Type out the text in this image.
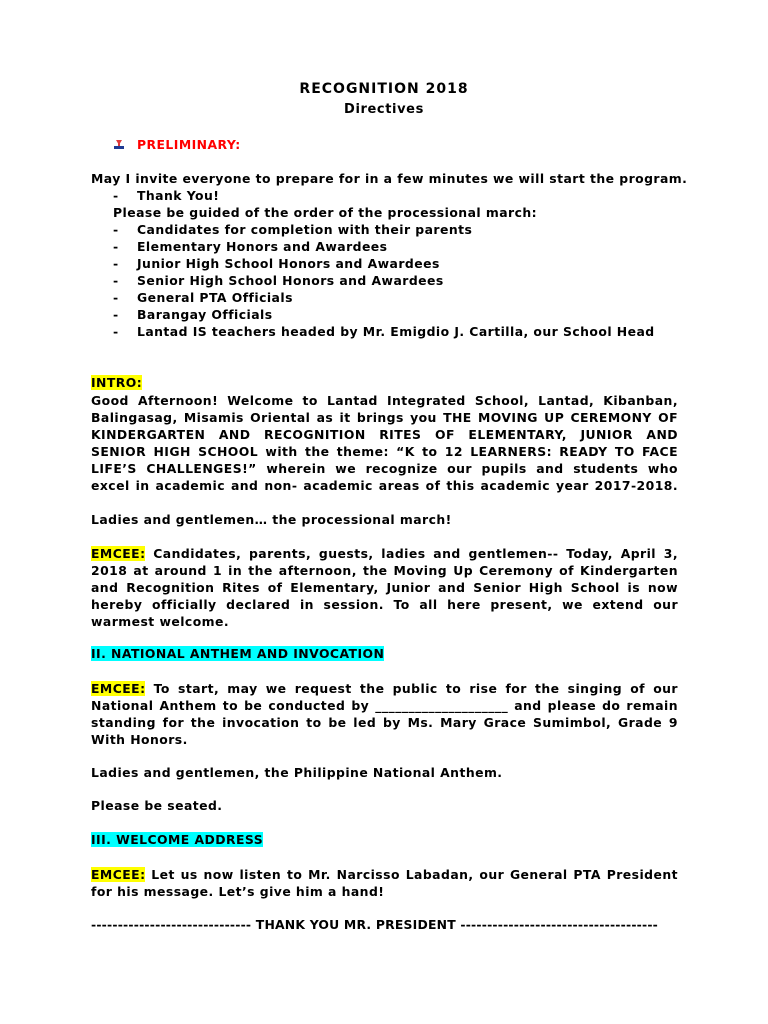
RECOGNITION 2018
Directives
PRELIMINARY:
May I invite everyone to prepare for in a few minutes we will start the program.
- Thank You!
Please be guided of the order of the processional march:
- Candidates for completion with their parents
- Elementary Honors and Awardees
- Junior High School Honors and Awardees
- Senior High School Honors and Awardees
- General PTA Officials
- Barangay Officials
- Lantad IS teachers headed by Mr. Emigdio J. Cartilla, our School Head
INTRO:
Good Afternoon! Welcome to Lantad Integrated School, Lantad, Kibanban,
Balingasag, Misamis Oriental as it brings you THE MOVING UP CEREMONY OF
KINDERGARTEN AND RECOGNITION RITES OF ELEMENTARY, JUNIOR AND
SENIOR HIGH SCHOOL with the theme: “K to 12 LEARNERS: READY TO FACE
LIFE’S CHALLENGES!” wherein we recognize our pupils and students who
excel in academic and non- academic areas of this academic year 2017-2018.
Ladies and gentlemen… the processional march!
EMCEE: Candidates, parents, guests, ladies and gentlemen-- Today, April 3,
2018 at around 1 in the afternoon, the Moving Up Ceremony of Kindergarten
and Recognition Rites of Elementary, Junior and Senior High School is now
hereby officially declared in session. To all here present, we extend our
warmest welcome.
II. NATIONAL ANTHEM AND INVOCATION
EMCEE: To start, may we request the public to rise for the singing of our
National Anthem to be conducted by ____________________ and please do remain
standing for the invocation to be led by Ms. Mary Grace Sumimbol, Grade 9
With Honors.
Ladies and gentlemen, the Philippine National Anthem.
Please be seated.
III. WELCOME ADDRESS
EMCEE: Let us now listen to Mr. Narcisso Labadan, our General PTA President
for his message. Let’s give him a hand!
------------------------------ THANK YOU MR. PRESIDENT -------------------------------------
